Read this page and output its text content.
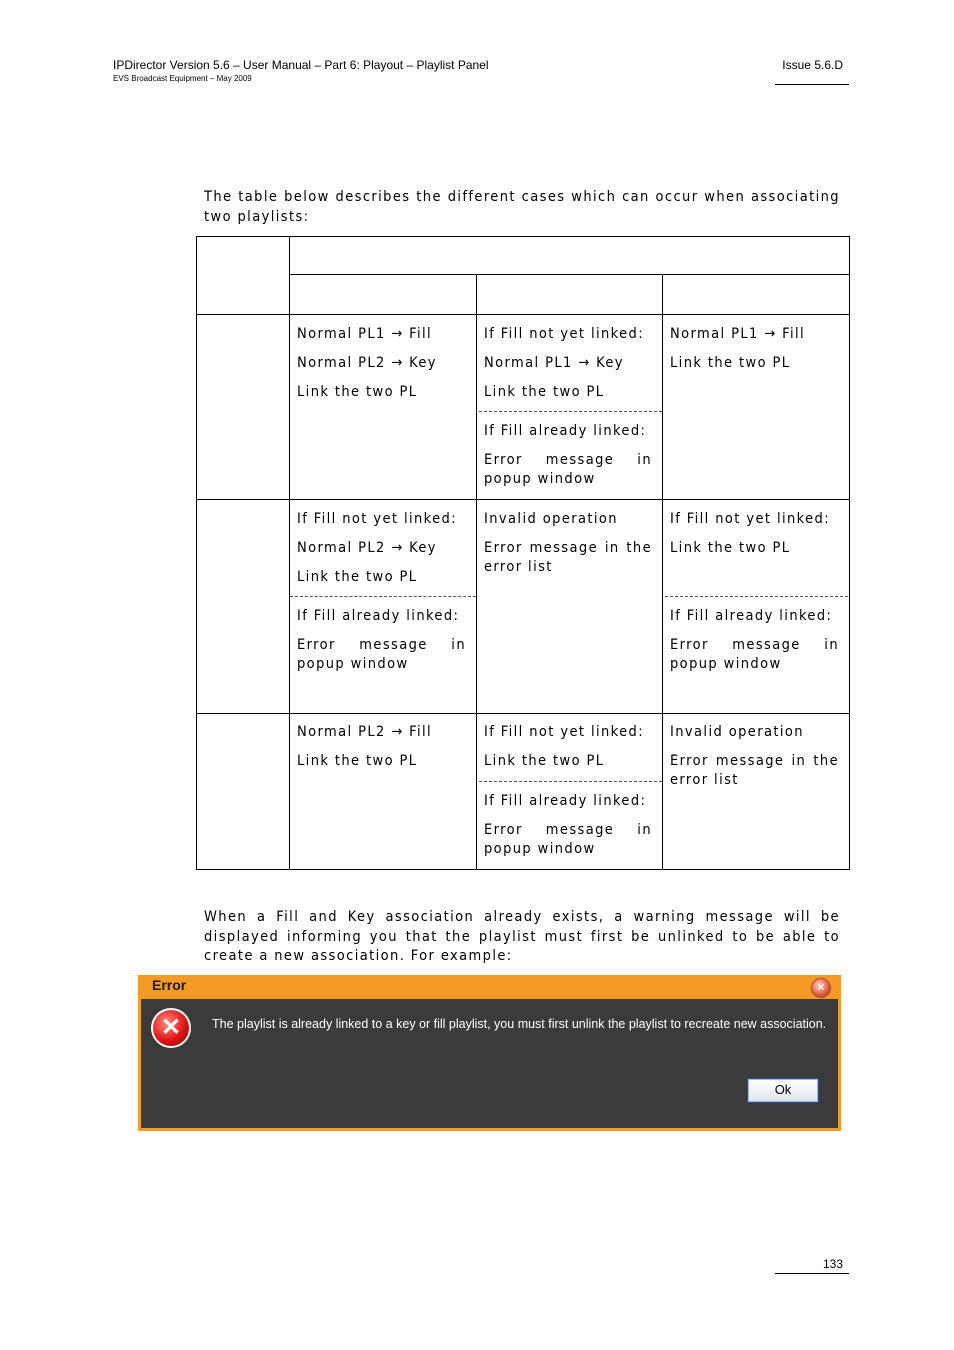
IPDirector Version 5.6 – User Manual – Part 6: Playout – Playlist Panel
EVS Broadcast Equipment – May 2009
Issue 5.6.D
The table below describes the different cases which can occur when associating two playlists:

Normal PL1 → Fill

Normal PL2 → Key

Link the two PL

If Fill not yet linked:

Normal PL1 → Key

Link the two PL

If Fill already linked:

Error message in popup window

Normal PL1 → Fill

Link the two PL

If Fill not yet linked:

Normal PL2 → Key

Link the two PL

If Fill already linked:

Error message in popup window

Invalid operation

Error message in the error list

If Fill not yet linked:

Link the two PL

If Fill already linked:

Error message in popup window

Normal PL2 → Fill

Link the two PL

If Fill not yet linked:

Link the two PL

If Fill already linked:

Error message in popup window

Invalid operation

Error message in the error list

When a Fill and Key association already exists, a warning message will be displayed informing you that the playlist must first be unlinked to be able to create a new association. For example:
Error	×
✕	The playlist is already linked to a key or fill playlist, you must first unlink the playlist to recreate new association.
Ok
133
